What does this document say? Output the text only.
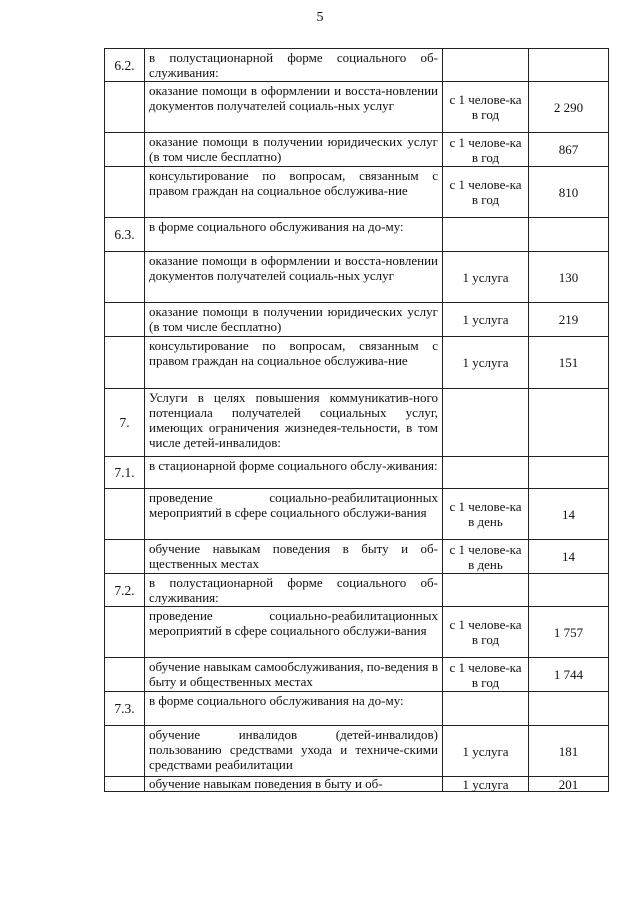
5
6.2.	в полустационарной форме социального об-служивания:		
	оказание помощи в оформлении и восста-новлении документов получателей социаль-ных услуг	с 1 челове-ка в год	2 290
	оказание помощи в получении юридических услуг (в том числе бесплатно)	с 1 челове-ка в год	867
	консультирование по вопросам, связанным с правом граждан на социальное обслужива-ние	с 1 челове-ка в год	810
6.3.	в форме социального обслуживания на до-му:		
	оказание помощи в оформлении и восста-новлении документов получателей социаль-ных услуг	1 услуга	130
	оказание помощи в получении юридических услуг (в том числе бесплатно)	1 услуга	219
	консультирование по вопросам, связанным с правом граждан на социальное обслужива-ние	1 услуга	151
7.	Услуги в целях повышения коммуникатив-ного потенциала получателей социальных услуг, имеющих ограничения жизнедея-тельности, в том числе детей-инвалидов:		
7.1.	в стационарной форме социального обслу-живания:		
	проведение социально-реабилитационных мероприятий в сфере социального обслужи-вания	с 1 челове-ка в день	14
	обучение навыкам поведения в быту и об-щественных местах	с 1 челове-ка в день	14
7.2.	в полустационарной форме социального об-служивания:		
	проведение социально-реабилитационных мероприятий в сфере социального обслужи-вания	с 1 челове-ка в год	1 757
	обучение навыкам самообслуживания, по-ведения в быту и общественных местах	с 1 челове-ка в год	1 744
7.3.	в форме социального обслуживания на до-му:		
	обучение инвалидов (детей-инвалидов) пользованию средствами ухода и техниче-скими средствами реабилитации	1 услуга	181
	обучение навыкам поведения в быту и об-	1 услуга	201
